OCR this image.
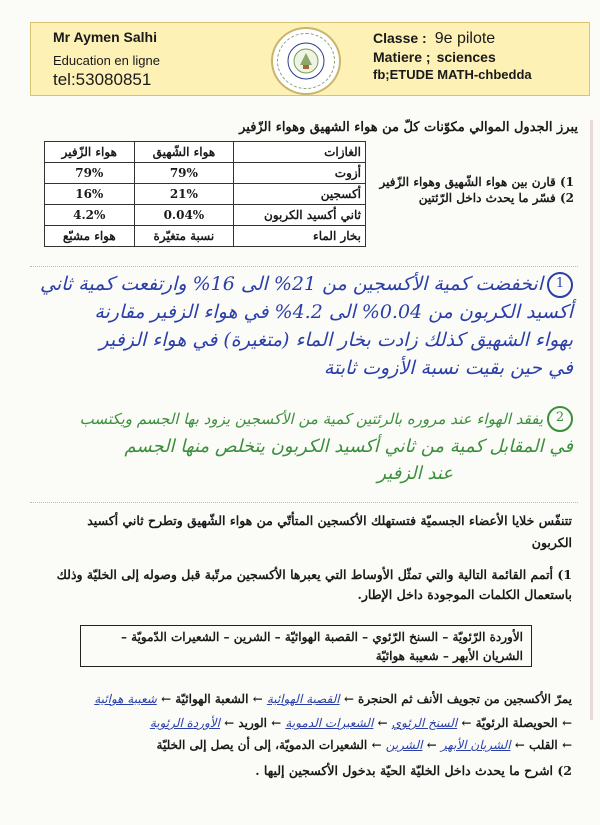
Mr Aymen Salhi
Education en ligne
tel:53080851
Classe : 9e pilote
Matiere ; sciences
fb;ETUDE MATH-chbedda
يبرز الجدول الموالي مكوّنات كلّ من هواء الشهيق وهواء الزّفير
الغازات	هواء الشّهيق	هواء الزّفير
أزوت	79%	79%
أكسجين	21%	16%
ثاني أكسيد الكربون	0.04%	4.2%
بخار الماء	نسبة متغيّرة	هواء مشبّع
1) قارن بين هواء الشّهيق وهواء الزّفير
2) فسّر ما يحدث داخل الرّئتين
1انخفضت كمية الأكسجين من 21% الى 16% وارتفعت كمية ثاني
أكسيد الكربون من 0.04% الى 4.2% في هواء الزفير مقارنة
بهواء الشهيق كذلك زادت بخار الماء (متغيرة) في هواء الزفير
في حين بقيت نسبة الأزوت ثابتة
2يفقد الهواء عند مروره بالرئتين كمية من الأكسجين يزود بها الجسم ويكتسب
في المقابل كمية من ثاني أكسيد الكربون يتخلص منها الجسم
عند الزفير
تتنفّس خلايا الأعضاء الجسميّة فتستهلك الأكسجين المتأتّي من هواء الشّهيق وتطرح ثاني أكسيد الكربون
1) أتمم القائمة التالية والتي تمثّل الأوساط التي يعبرها الأكسجين مرتّبة قبل وصوله إلى الخليّة وذلك باستعمال الكلمات الموجودة داخل الإطار.
الأوردة الرّئويّة – السنخ الرّئوي – القصبة الهوائيّة – الشرين – الشعيرات الدّمويّة – الشريان الأبهر – شعيبة هوائيّة
يمرّ الأكسجين من تجويف الأنف ثم الحنجرة ← القصبة الهوائية ← الشعبة الهوائيّة ← شعيبة هوائية
← الحويصلة الرئويّة ← السنخ الرئوي ← الشعيرات الدموية ← الوريد ← الأوردة الرئوية
← القلب ← الشريان الأبهر ← الشرين ← الشعيرات الدمويّة، إلى أن يصل إلى الخليّة
2) اشرح ما يحدث داخل الخليّة الحيّة بدخول الأكسجين إليها .
